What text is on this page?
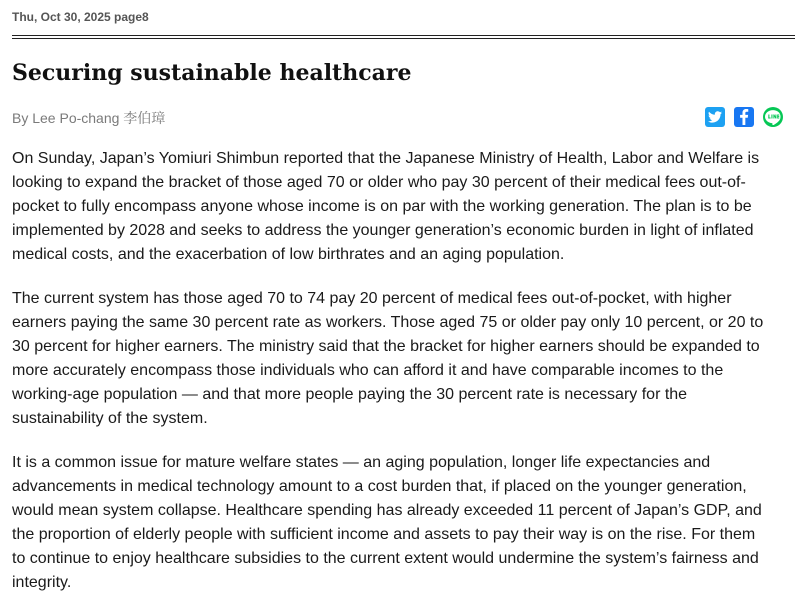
Thu, Oct 30, 2025 page8
Securing sustainable healthcare
By Lee Po-chang 李伯璋

On Sunday, Japan’s Yomiuri Shimbun reported that the Japanese Ministry of Health, Labor and Welfare is looking to expand the bracket of those aged 70 or older who pay 30 percent of their medical fees out-of-pocket to fully encompass anyone whose income is on par with the working generation. The plan is to be implemented by 2028 and seeks to address the younger generation’s economic burden in light of inflated medical costs, and the exacerbation of low birthrates and an aging population.

The current system has those aged 70 to 74 pay 20 percent of medical fees out-of-pocket, with higher earners paying the same 30 percent rate as workers. Those aged 75 or older pay only 10 percent, or 20 to 30 percent for higher earners. The ministry said that the bracket for higher earners should be expanded to more accurately encompass those individuals who can afford it and have comparable incomes to the working-age population — and that more people paying the 30 percent rate is necessary for the sustainability of the system.

It is a common issue for mature welfare states — an aging population, longer life expectancies and advancements in medical technology amount to a cost burden that, if placed on the younger generation, would mean system collapse. Healthcare spending has already exceeded 11 percent of Japan’s GDP, and the proportion of elderly people with sufficient income and assets to pay their way is on the rise. For them to continue to enjoy healthcare subsidies to the current extent would undermine the system’s fairness and integrity.
